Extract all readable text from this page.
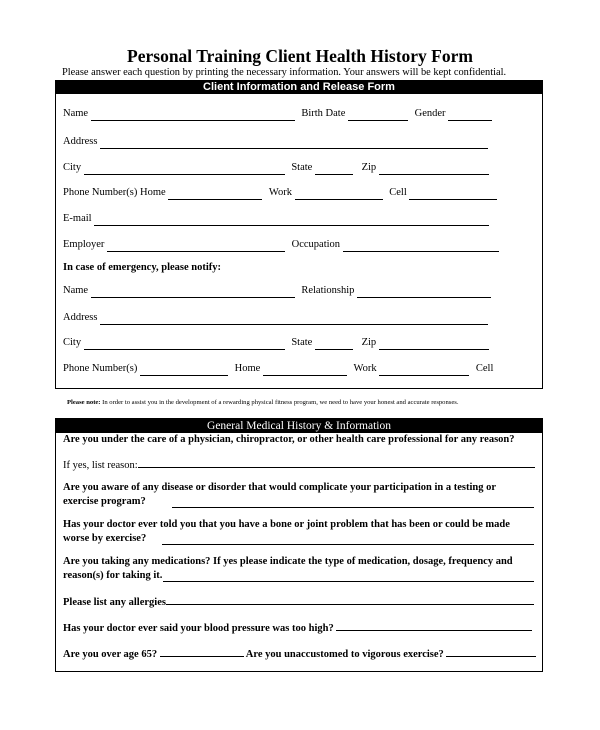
Personal Training Client Health History Form
Please answer each question by printing the necessary information. Your answers will be kept confidential.
Client Information and Release Form
Name	Birth Date	Gender
Address
City	State	Zip
Phone Number(s) Home	Work	Cell
E-mail
Employer	Occupation
In case of emergency, please notify:
Name	Relationship
Address
City	State	Zip
Phone Number(s)	Home	Work	Cell
Please note: In order to assist you in the development of a rewarding physical fitness program, we need to have your honest and accurate responses.
General Medical History & Information
Are you under the care of a physician, chiropractor, or other health care professional for any reason?
If yes, list reason:
Are you aware of any disease or disorder that would complicate your participation in a testing or exercise program?
Has your doctor ever told you that you have a bone or joint problem that has been or could be made worse by exercise?
Are you taking any medications? If yes please indicate the type of medication, dosage, frequency and reason(s) for taking it.
Please list any allergies
Has your doctor ever said your blood pressure was too high?
Are you over age 65?	Are you unaccustomed to vigorous exercise?
